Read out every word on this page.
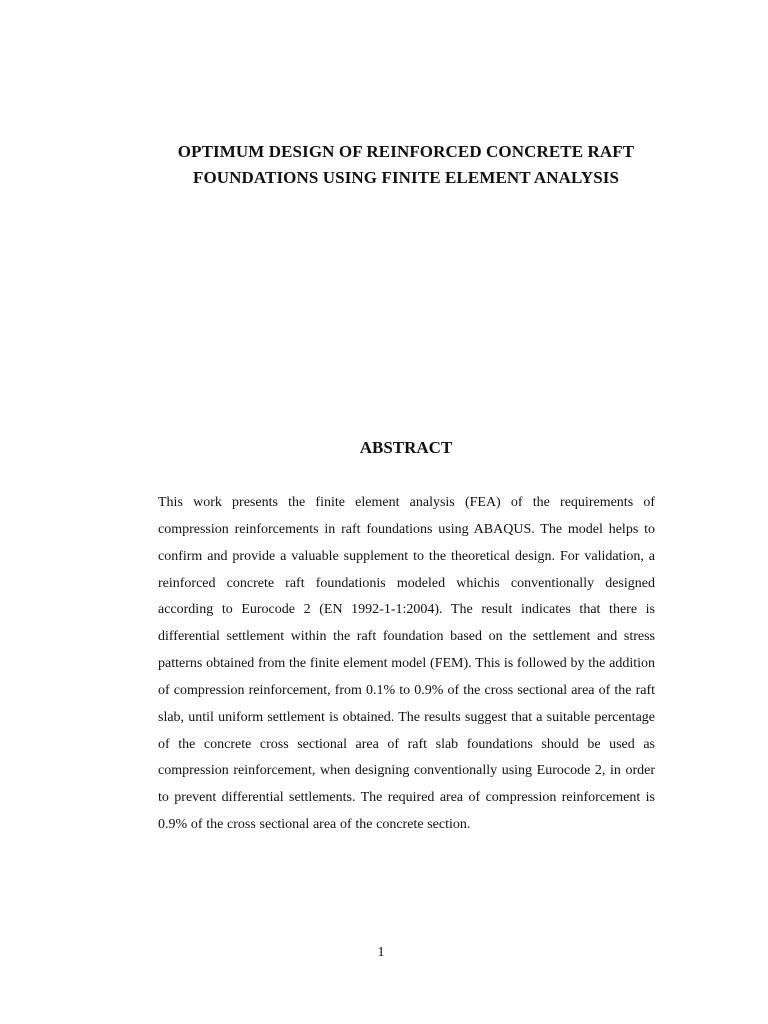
OPTIMUM DESIGN OF REINFORCED CONCRETE RAFT
FOUNDATIONS USING FINITE ELEMENT ANALYSIS
ABSTRACT

This work presents the finite element analysis (FEA) of the requirements of compression reinforcements in raft foundations using ABAQUS. The model helps to confirm and provide a valuable supplement to the theoretical design. For validation, a reinforced concrete raft foundationis modeled whichis conventionally designed according to Eurocode 2 (EN 1992-1-1:2004). The result indicates that there is differential settlement within the raft foundation based on the settlement and stress patterns obtained from the finite element model (FEM). This is followed by the addition of compression reinforcement, from 0.1% to 0.9% of the cross sectional area of the raft slab, until uniform settlement is obtained. The results suggest that a suitable percentage of the concrete cross sectional area of raft slab foundations should be used as compression reinforcement, when designing conventionally using Eurocode 2, in order to prevent differential settlements. The required area of compression reinforcement is 0.9% of the cross sectional area of the concrete section.

1
